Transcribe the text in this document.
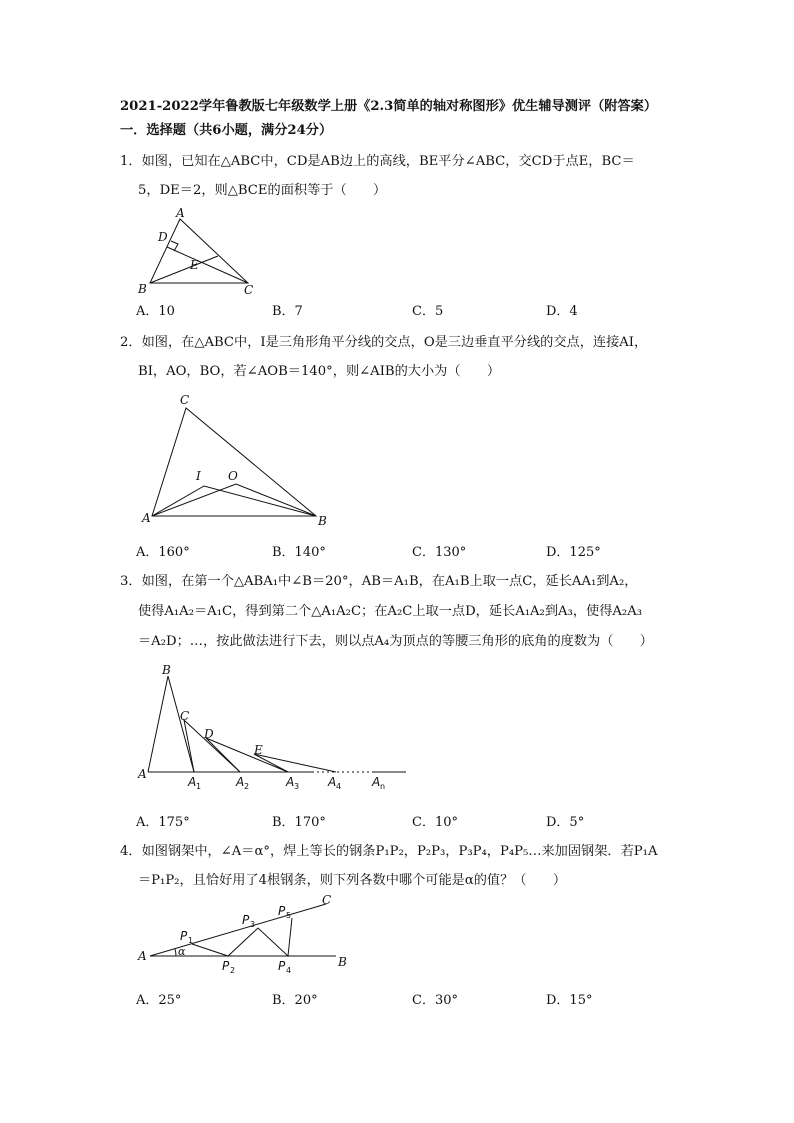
2021-2022学年鲁教版七年级数学上册《2.3简单的轴对称图形》优生辅导测评（附答案）
一．选择题（共6小题，满分24分）
1．如图，已知在△ABC中，CD是AB边上的高线，BE平分∠ABC，交CD于点E，BC＝
5，DE＝2，则△BCE的面积等于（　　）
A
D
E
B	C
A．10	B．7	C．5	D．4
2．如图，在△ABC中，I是三角形角平分线的交点，O是三边垂直平分线的交点，连接AI，
BI，AO，BO，若∠AOB＝140°，则∠AIB的大小为（　　）
C
I O
A	B
A．160°	B．140°	C．130°	D．125°
3．如图，在第一个△ABA₁中∠B＝20°，AB＝A₁B，在A₁B上取一点C，延长AA₁到A₂，
使得A₁A₂＝A₁C，得到第二个△A₁A₂C；在A₂C上取一点D，延长A₁A₂到A₃，使得A₂A₃
＝A₂D；…，按此做法进行下去，则以点A₄为顶点的等腰三角形的底角的度数为（　　）
B
C
D
E
A
A 1	A 2	A 3 A 4	A n
A．175°	B．170°	C．10°	D．5°
4．如图钢架中，∠A＝α°，焊上等长的钢条P₁P₂，P₂P₃，P₃P₄，P₄P₅…来加固钢架．若P₁A
＝P₁P₂，且恰好用了4根钢条，则下列各数中哪个可能是α的值？（　　）
A	B
C
α
P 1
P 2
P 3
P 4
P 5
A．25°	B．20°	C．30°	D．15°
